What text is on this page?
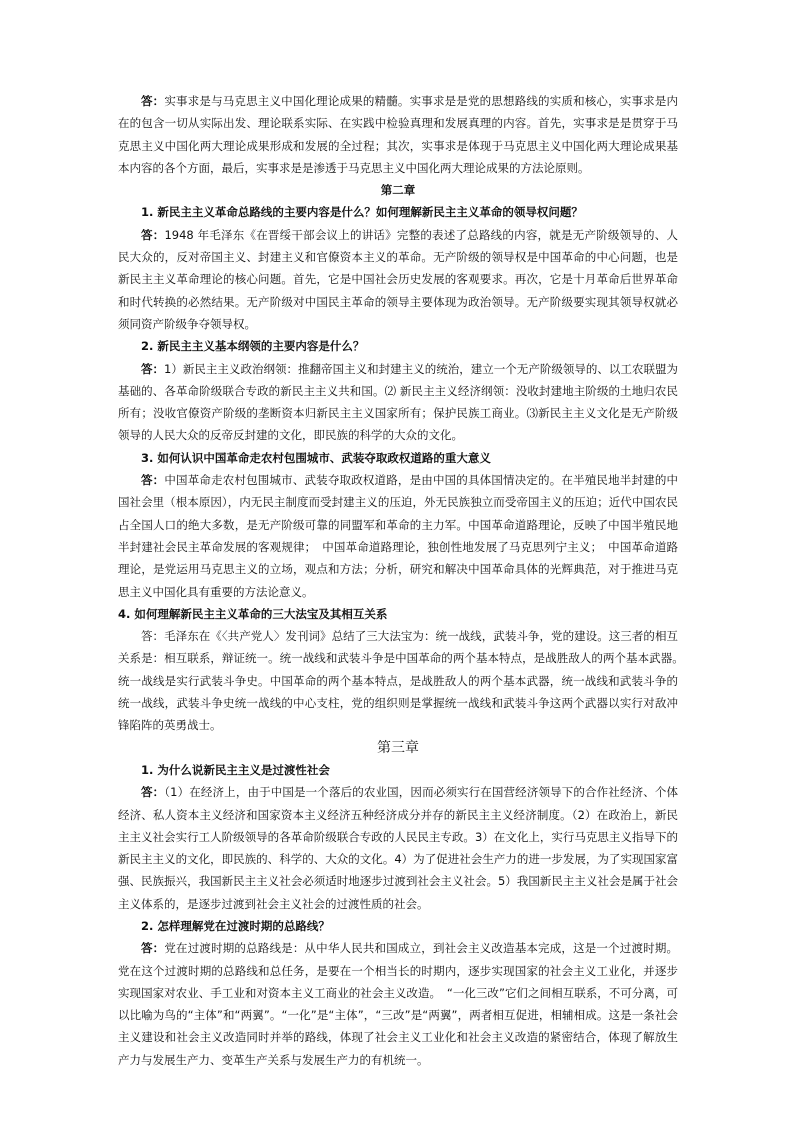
答：实事求是与马克思主义中国化理论成果的精髓。实事求是是党的思想路线的实质和核心，实事求是内在的包含一切从实际出发、理论联系实际、在实践中检验真理和发展真理的内容。首先，实事求是是贯穿于马克思主义中国化两大理论成果形成和发展的全过程；其次，实事求是体现于马克思主义中国化两大理论成果基本内容的各个方面，最后，实事求是是渗透于马克思主义中国化两大理论成果的方法论原则。

第二章

1. 新民主主义革命总路线的主要内容是什么？如何理解新民主主义革命的领导权问题？

答：1948 年毛泽东《在晋绥干部会议上的讲话》完整的表述了总路线的内容，就是无产阶级领导的、人民大众的，反对帝国主义、封建主义和官僚资本主义的革命。无产阶级的领导权是中国革命的中心问题，也是新民主主义革命理论的核心问题。首先，它是中国社会历史发展的客观要求。再次，它是十月革命后世界革命和时代转换的必然结果。无产阶级对中国民主革命的领导主要体现为政治领导。无产阶级要实现其领导权就必须同资产阶级争夺领导权。

2. 新民主主义基本纲领的主要内容是什么？

答：1）新民主主义政治纲领：推翻帝国主义和封建主义的统治，建立一个无产阶级领导的、以工农联盟为基础的、各革命阶级联合专政的新民主主义共和国。⑵ 新民主主义经济纲领：没收封建地主阶级的土地归农民所有；没收官僚资产阶级的垄断资本归新民主主义国家所有；保护民族工商业。⑶新民主主义文化是无产阶级领导的人民大众的反帝反封建的文化，即民族的科学的大众的文化。

3. 如何认识中国革命走农村包围城市、武装夺取政权道路的重大意义

答：中国革命走农村包围城市、武装夺取政权道路，是由中国的具体国情决定的。在半殖民地半封建的中国社会里（根本原因），内无民主制度而受封建主义的压迫，外无民族独立而受帝国主义的压迫；近代中国农民占全国人口的绝大多数，是无产阶级可靠的同盟军和革命的主力军。中国革命道路理论，反映了中国半殖民地半封建社会民主革命发展的客观规律；　中国革命道路理论，独创性地发展了马克思列宁主义；　中国革命道路理论，是党运用马克思主义的立场，观点和方法；分析，研究和解决中国革命具体的光辉典范，对于推进马克思主义中国化具有重要的方法论意义。

4. 如何理解新民主主义革命的三大法宝及其相互关系

答：毛泽东在《〈共产党人〉发刊词》总结了三大法宝为：统一战线，武装斗争，党的建设。这三者的相互关系是：相互联系，辩证统一。统一战线和武装斗争是中国革命的两个基本特点，是战胜敌人的两个基本武器。　统一战线是实行武装斗争史。中国革命的两个基本特点，是战胜敌人的两个基本武器，统一战线和武装斗争的统一战线，武装斗争史统一战线的中心支柱，党的组织则是掌握统一战线和武装斗争这两个武器以实行对敌冲锋陷阵的英勇战士。

第三章

1. 为什么说新民主主义是过渡性社会

答：（1）在经济上，由于中国是一个落后的农业国，因而必须实行在国营经济领导下的合作社经济、个体经济、私人资本主义经济和国家资本主义经济五种经济成分并存的新民主主义经济制度。（2）在政治上，新民主主义社会实行工人阶级领导的各革命阶级联合专政的人民民主专政。3）在文化上，实行马克思主义指导下的新民主主义的文化，即民族的、科学的、大众的文化。4）为了促进社会生产力的进一步发展，为了实现国家富强、民族振兴，我国新民主主义社会必须适时地逐步过渡到社会主义社会。5）我国新民主主义社会是属于社会主义体系的，是逐步过渡到社会主义社会的过渡性质的社会。

2. 怎样理解党在过渡时期的总路线？

答：党在过渡时期的总路线是：从中华人民共和国成立，到社会主义改造基本完成，这是一个过渡时期。党在这个过渡时期的总路线和总任务，是要在一个相当长的时期内，逐步实现国家的社会主义工业化，并逐步实现国家对农业、手工业和对资本主义工商业的社会主义改造。　“一化三改”它们之间相互联系，不可分离，可以比喻为鸟的“主体”和“两翼”。“一化”是“主体”，“三改”是“两翼”，两者相互促进，相辅相成。这是一条社会主义建设和社会主义改造同时并举的路线，体现了社会主义工业化和社会主义改造的紧密结合，体现了解放生产力与发展生产力、变革生产关系与发展生产力的有机统一。
